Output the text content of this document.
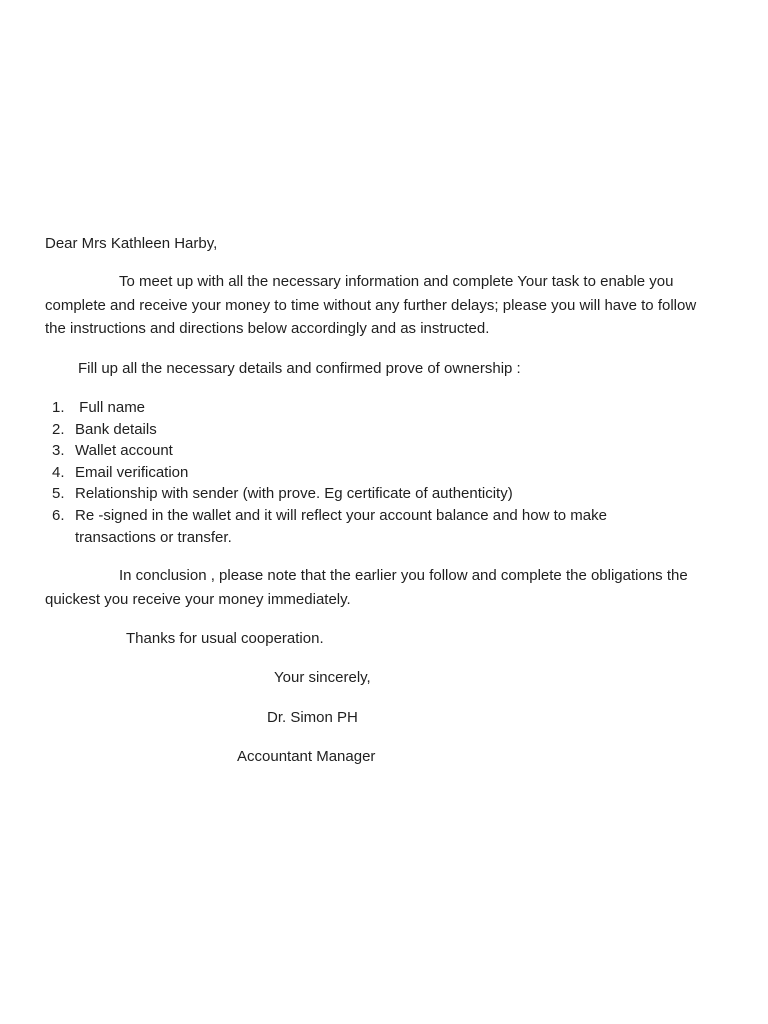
Dear Mrs Kathleen Harby,
To meet up with all the necessary information and complete Your task to enable you complete and receive your money to time without any further delays; please you will have to follow the instructions and directions below accordingly and as instructed.
Fill up all the necessary details and confirmed prove of ownership :
1. Full name
2. Bank details
3. Wallet account
4. Email verification
5. Relationship with sender (with prove. Eg certificate of authenticity)
6. Re -signed in the wallet and it will reflect your account balance and how to make transactions or transfer.
In conclusion , please note that the earlier you follow and complete the obligations the quickest you receive your money immediately.
Thanks for usual cooperation.
Your sincerely,
Dr. Simon PH
Accountant Manager
